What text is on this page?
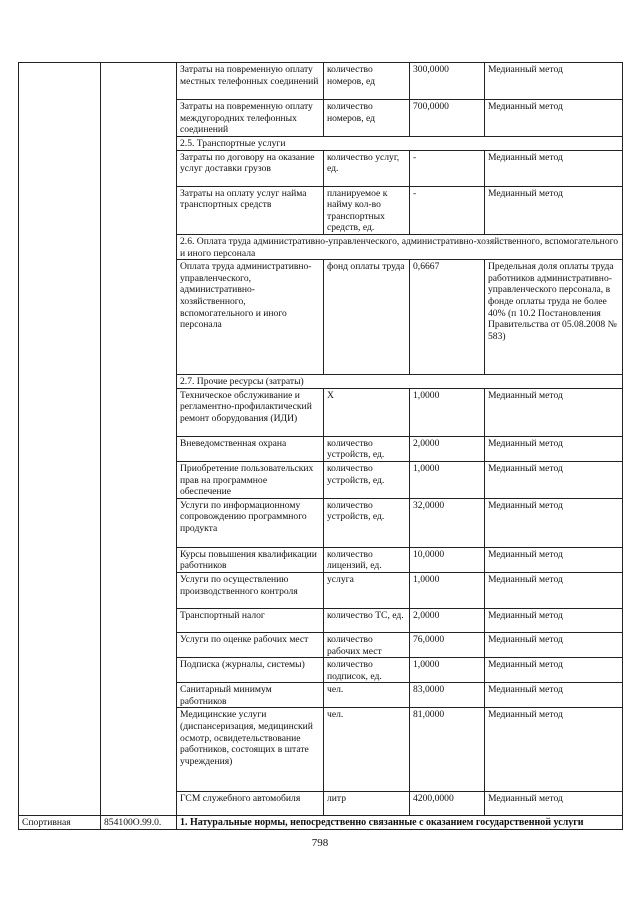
		Затраты на повременную оплату местных телефонных соединений	количество номеров, ед	300,0000	Медианный метод
		Затраты на повременную оплату междугородних телефонных соединений	количество номеров, ед	700,0000	Медианный метод
		2.5. Транспортные услуги			
		Затраты по договору на оказание услуг доставки грузов	количество услуг, ед.	-	Медианный метод
		Затраты на оплату услуг найма транспортных средств	планируемое к найму кол-во транспортных средств, ед.	-	Медианный метод
		2.6. Оплата труда административно-управленческого, административно-хозяйственного, вспомогательного и иного персонала			
		Оплата труда административно-управленческого, административно-хозяйственного, вспомогательного и иного персонала	фонд оплаты труда	0,6667	Предельная доля оплаты труда работников административно-управленческого персонала, в фонде оплаты труда не более 40% (п 10.2 Постановления Правительства от 05.08.2008 № 583)
		2.7. Прочие ресурсы (затраты)			
		Техническое обслуживание и регламентно-профилактический ремонт оборудования (ИДИ)	Х	1,0000	Медианный метод
		Вневедомственная охрана	количество устройств, ед.	2,0000	Медианный метод
		Приобретение пользовательских прав на программное обеспечение	количество устройств, ед.	1,0000	Медианный метод
		Услуги по информационному сопровождению программного продукта	количество устройств, ед.	32,0000	Медианный метод
		Курсы повышения квалификации работников	количество лицензий, ед.	10,0000	Медианный метод
		Услуги по осуществлению производственного контроля	услуга	1,0000	Медианный метод
		Транспортный налог	количество ТС, ед.	2,0000	Медианный метод
		Услуги по оценке рабочих мест	количество рабочих мест	76,0000	Медианный метод
		Подписка (журналы, системы)	количество подписок, ед.	1,0000	Медианный метод
		Санитарный минимум работников	чел.	83,0000	Медианный метод
		Медицинские услуги (диспансеризация, медицинский осмотр, освидетельствование работников, состоящих в штате учреждения)	чел.	81,0000	Медианный метод
		ГСМ служебного автомобиля	литр	4200,0000	Медианный метод
Спортивная	854100О.99.0.	1. Натуральные нормы, непосредственно связанные с оказанием государственной услуги			
798
